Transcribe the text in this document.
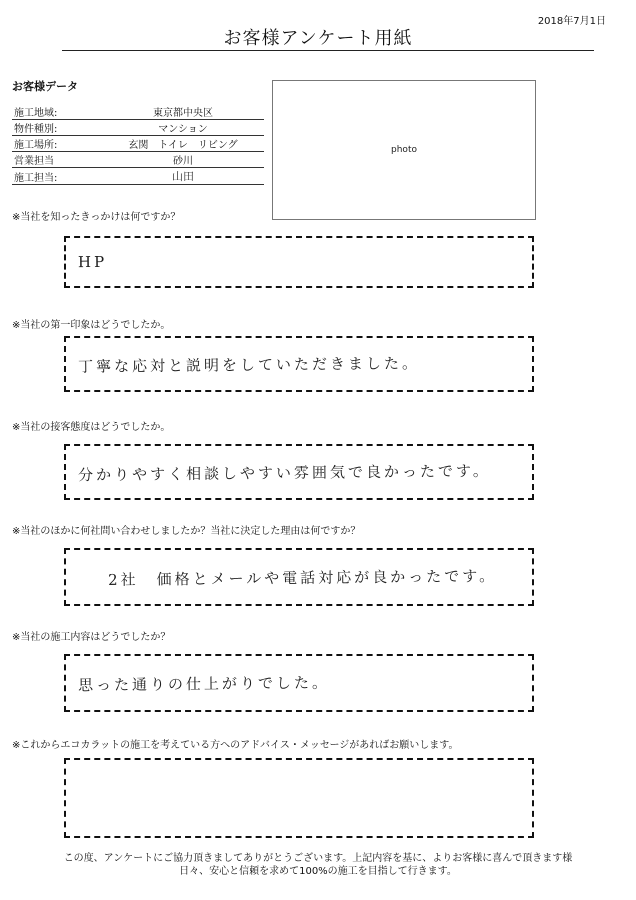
2018年7月1日
お客様アンケート用紙
お客様データ
施工地域:	東京都中央区
物件種別:	マンション
施工場所:	玄関　トイレ　リビング
営業担当	砂川
施工担当:	山田
photo
※当社を知ったきっかけは何ですか？
HP
※当社の第一印象はどうでしたか。
丁寧な応対と説明をしていただきました。
※当社の接客態度はどうでしたか。
分かりやすく相談しやすい雰囲気で良かったです。
※当社のほかに何社問い合わせしましたか？当社に決定した理由は何ですか？
2社　価格とメールや電話対応が良かったです。
※当社の施工内容はどうでしたか？
思った通りの仕上がりでした。
※これからエコカラットの施工を考えている方へのアドバイス・メッセージがあればお願いします。
この度、アンケートにご協力頂きましてありがとうございます。上記内容を基に、よりお客様に喜んで頂きます様
日々、安心と信頼を求めて100%の施工を目指して行きます。
